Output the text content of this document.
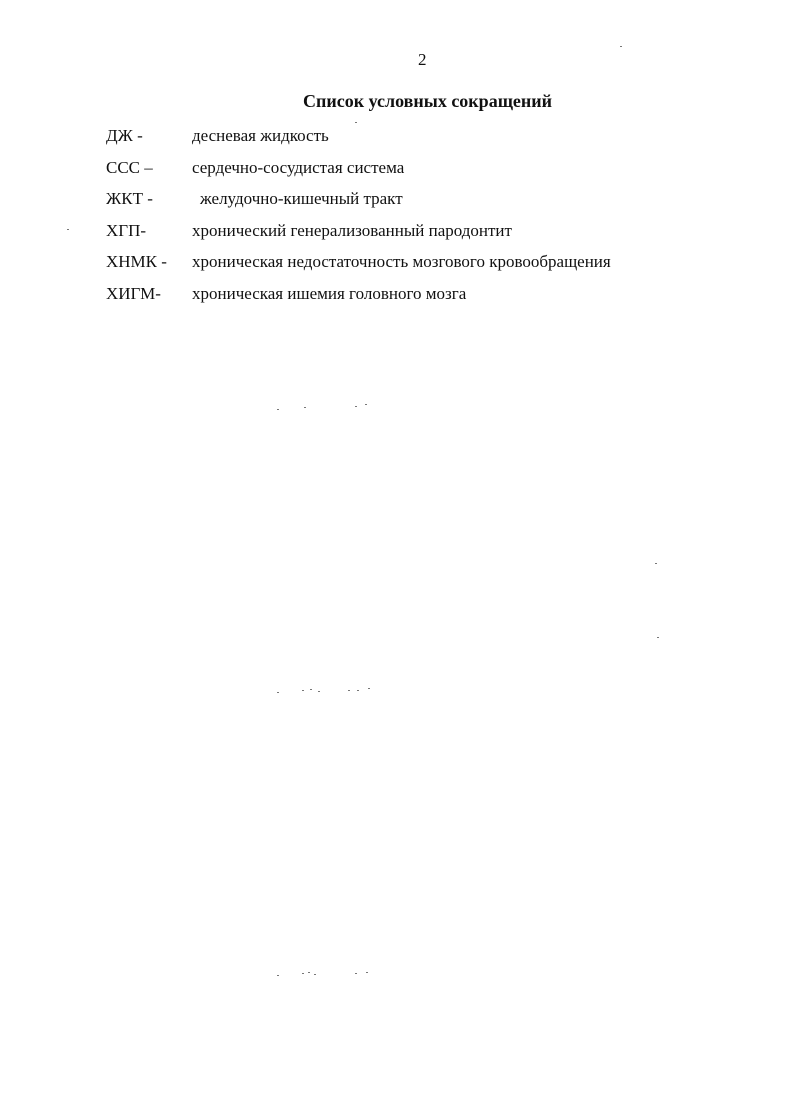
2
Список условных сокращений
ДЖ -	десневая жидкость
ССС – сердечно-сосудистая система
ЖКТ -	желудочно-кишечный тракт
ХГП-	хронический генерализованный пародонтит
ХНМК - хроническая недостаточность мозгового кровообращения
ХИГМ- хроническая ишемия головного мозга
